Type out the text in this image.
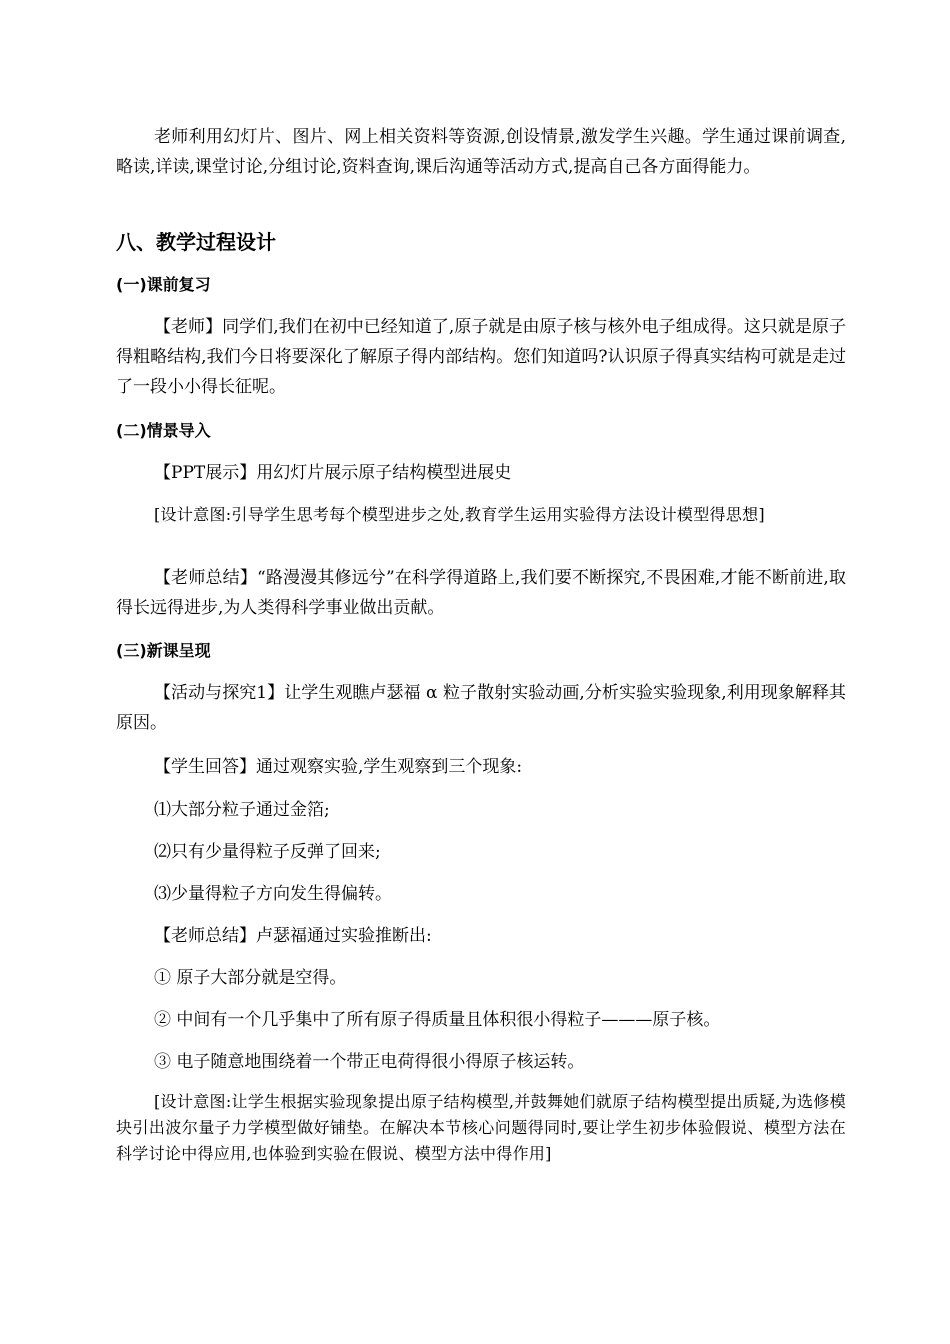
老师利用幻灯片、图片、网上相关资料等资源,创设情景,激发学生兴趣。学生通过课前调查,略读,详读,课堂讨论,分组讨论,资料查询,课后沟通等活动方式,提高自己各方面得能力。

八、教学过程设计
(一)课前复习

【老师】同学们,我们在初中已经知道了,原子就是由原子核与核外电子组成得。这只就是原子得粗略结构,我们今日将要深化了解原子得内部结构。您们知道吗?认识原子得真实结构可就是走过了一段小小得长征呢。

(二)情景导入

【PPT展示】用幻灯片展示原子结构模型进展史

[设计意图:引导学生思考每个模型进步之处,教育学生运用实验得方法设计模型得思想]

【老师总结】“路漫漫其修远兮”在科学得道路上,我们要不断探究,不畏困难,才能不断前进,取得长远得进步,为人类得科学事业做出贡献。

(三)新课呈现

【活动与探究1】让学生观瞧卢瑟福 α 粒子散射实验动画,分析实验实验现象,利用现象解释其原因。

【学生回答】通过观察实验,学生观察到三个现象:

⑴大部分粒子通过金箔;

⑵只有少量得粒子反弹了回来;

⑶少量得粒子方向发生得偏转。

【老师总结】卢瑟福通过实验推断出:

① 原子大部分就是空得。

② 中间有一个几乎集中了所有原子得质量且体积很小得粒子———原子核。

③ 电子随意地围绕着一个带正电荷得很小得原子核运转。

[设计意图:让学生根据实验现象提出原子结构模型,并鼓舞她们就原子结构模型提出质疑,为选修模块引出波尔量子力学模型做好铺垫。在解决本节核心问题得同时,要让学生初步体验假说、模型方法在科学讨论中得应用,也体验到实验在假说、模型方法中得作用]
